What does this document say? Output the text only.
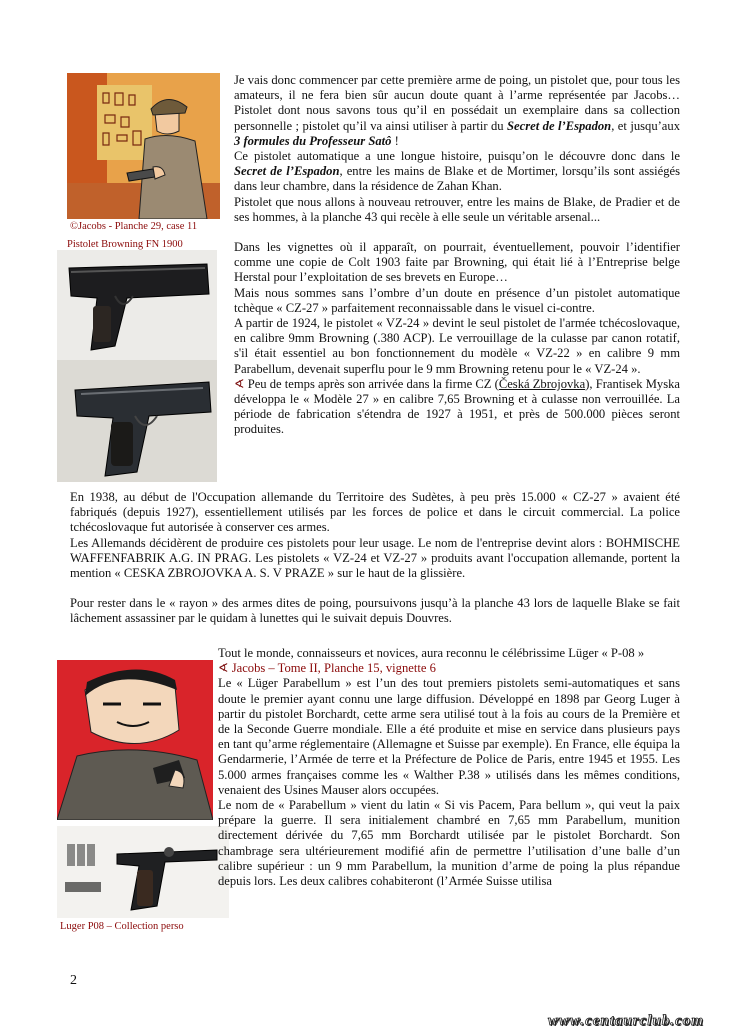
©Jacobs - Planche 29, case 11
Pistolet Browning FN 1900

Je vais donc commencer par cette première arme de poing, un pistolet que, pour tous les amateurs, il ne fera bien sûr aucun doute quant à l’arme représentée par Jacobs… Pistolet dont nous savons tous qu’il en possédait un exemplaire dans sa collection personnelle ; pistolet qu’il va ainsi utiliser à partir du Secret de l’Espadon, et jusqu’aux 3 formules du Professeur Satô !

Ce pistolet automatique a une longue histoire, puisqu’on le découvre donc dans le Secret de l’Espadon, entre les mains de Blake et de Mortimer, lorsqu’ils sont assiégés dans leur chambre, dans la résidence de Zahan Khan.

Pistolet que nous allons à nouveau retrouver, entre les mains de Blake, de Pradier et de ses hommes, à la planche 43 qui recèle à elle seule un véritable arsenal...

Dans les vignettes où il apparaît, on pourrait, éventuellement, pouvoir l’identifier comme une copie de Colt 1903 faite par Browning, qui était lié à l’Entreprise belge Herstal pour l’exploitation de ses brevets en Europe…

Mais nous sommes sans l’ombre d’un doute en présence d’un pistolet automatique tchèque « CZ-27 » parfaitement reconnaissable dans le visuel ci-contre.

A partir de 1924, le pistolet « VZ-24 » devint le seul pistolet de l'armée tchécoslovaque, en calibre 9mm Browning (.380 ACP). Le verrouillage de la culasse par canon rotatif, s'il était essentiel au bon fonctionnement du modèle « VZ-22 » en calibre 9 mm Parabellum, devenait superflu pour le 9 mm Browning retenu pour le « VZ-24 ».

∢ Peu de temps après son arrivée dans la firme CZ (Česká Zbrojovka), Frantisek Myska développa le « Modèle 27 » en calibre 7,65 Browning et à culasse non verrouillée. La période de fabrication s'étendra de 1927 à 1951, et près de 500.000 pièces seront produites.

En 1938, au début de l'Occupation allemande du Territoire des Sudètes, à peu près 15.000 « CZ-27 » avaient été fabriqués (depuis 1927), essentiellement utilisés par les forces de police et dans le circuit commercial. La police tchécoslovaque fut autorisée à conserver ces armes.

Les Allemands décidèrent de produire ces pistolets pour leur usage. Le nom de l'entreprise devint alors : BOHMISCHE WAFFENFABRIK A.G. IN PRAG. Les pistolets « VZ-24 et VZ-27 » produits avant l'occupation allemande, portent la mention « CESKA ZBROJOVKA A. S. V PRAZE » sur le haut de la glissière.

Pour rester dans le « rayon » des armes dites de poing, poursuivons jusqu’à la planche 43 lors de laquelle Blake se fait lâchement assassiner par le quidam à lunettes qui le suivait depuis Douvres.

Luger P08 – Collection perso

Tout le monde, connaisseurs et novices, aura reconnu le célébrissime Lüger « P-08 »

∢ Jacobs – Tome II, Planche 15, vignette 6

Le « Lüger Parabellum » est l’un des tout premiers pistolets semi-automatiques et sans doute le premier ayant connu une large diffusion. Développé en 1898 par Georg Luger à partir du pistolet Borchardt, cette arme sera utilisé tout à la fois au cours de la Première et de la Seconde Guerre mondiale. Elle a été produite et mise en service dans plusieurs pays en tant qu’arme réglementaire (Allemagne et Suisse par exemple). En France, elle équipa la Gendarmerie, l’Armée de terre et la Préfecture de Police de Paris, entre 1945 et 1955. Les 5.000 armes françaises comme les « Walther P.38 » utilisés dans les mêmes conditions, venaient des Usines Mauser alors occupées.

Le nom de « Parabellum » vient du latin « Si vis Pacem, Para bellum », qui veut la paix prépare la guerre. Il sera initialement chambré en 7,65 mm Parabellum, munition directement dérivée du 7,65 mm Borchardt utilisée par le pistolet Borchardt. Son chambrage sera ultérieurement modifié afin de permettre l’utilisation d’une balle d’un calibre supérieur : un 9 mm Parabellum, la munition d’arme de poing la plus répandue depuis lors. Les deux calibres cohabiteront (l’Armée Suisse utilisa

2
www.centaurclub.com
